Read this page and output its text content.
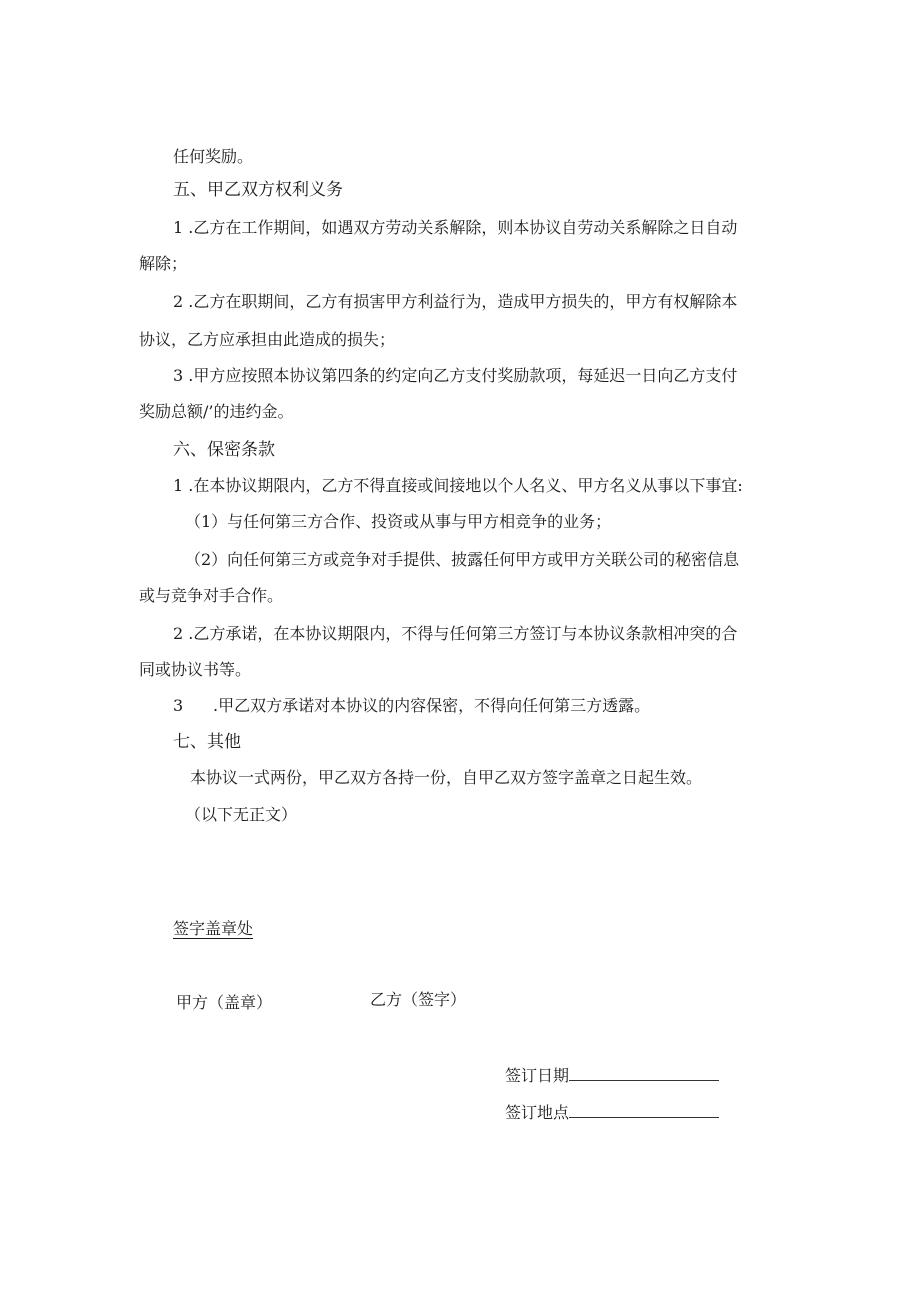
任何奖励。
五、甲乙双方权利义务
1 .乙方在工作期间，如遇双方劳动关系解除，则本协议自劳动关系解除之日自动
解除；
2 .乙方在职期间，乙方有损害甲方利益行为，造成甲方损失的，甲方有权解除本
协议，乙方应承担由此造成的损失；
3 .甲方应按照本协议第四条的约定向乙方支付奖励款项，每延迟一日向乙方支付
奖励总额/’的违约金。
六、保密条款
1 .在本协议期限内，乙方不得直接或间接地以个人名义、甲方名义从事以下事宜:
（1）与任何第三方合作、投资或从事与甲方相竞争的业务；
（2）向任何第三方或竞争对手提供、披露任何甲方或甲方关联公司的秘密信息
或与竞争对手合作。
2 .乙方承诺，在本协议期限内，不得与任何第三方签订与本协议条款相冲突的合
同或协议书等。
3 .甲乙双方承诺对本协议的内容保密，不得向任何第三方透露。
七、其他
本协议一式两份，甲乙双方各持一份，自甲乙双方签字盖章之日起生效。
（以下无正文）
签字盖章处
甲方（盖章）	乙方（签字）
签订日期
签订地点
